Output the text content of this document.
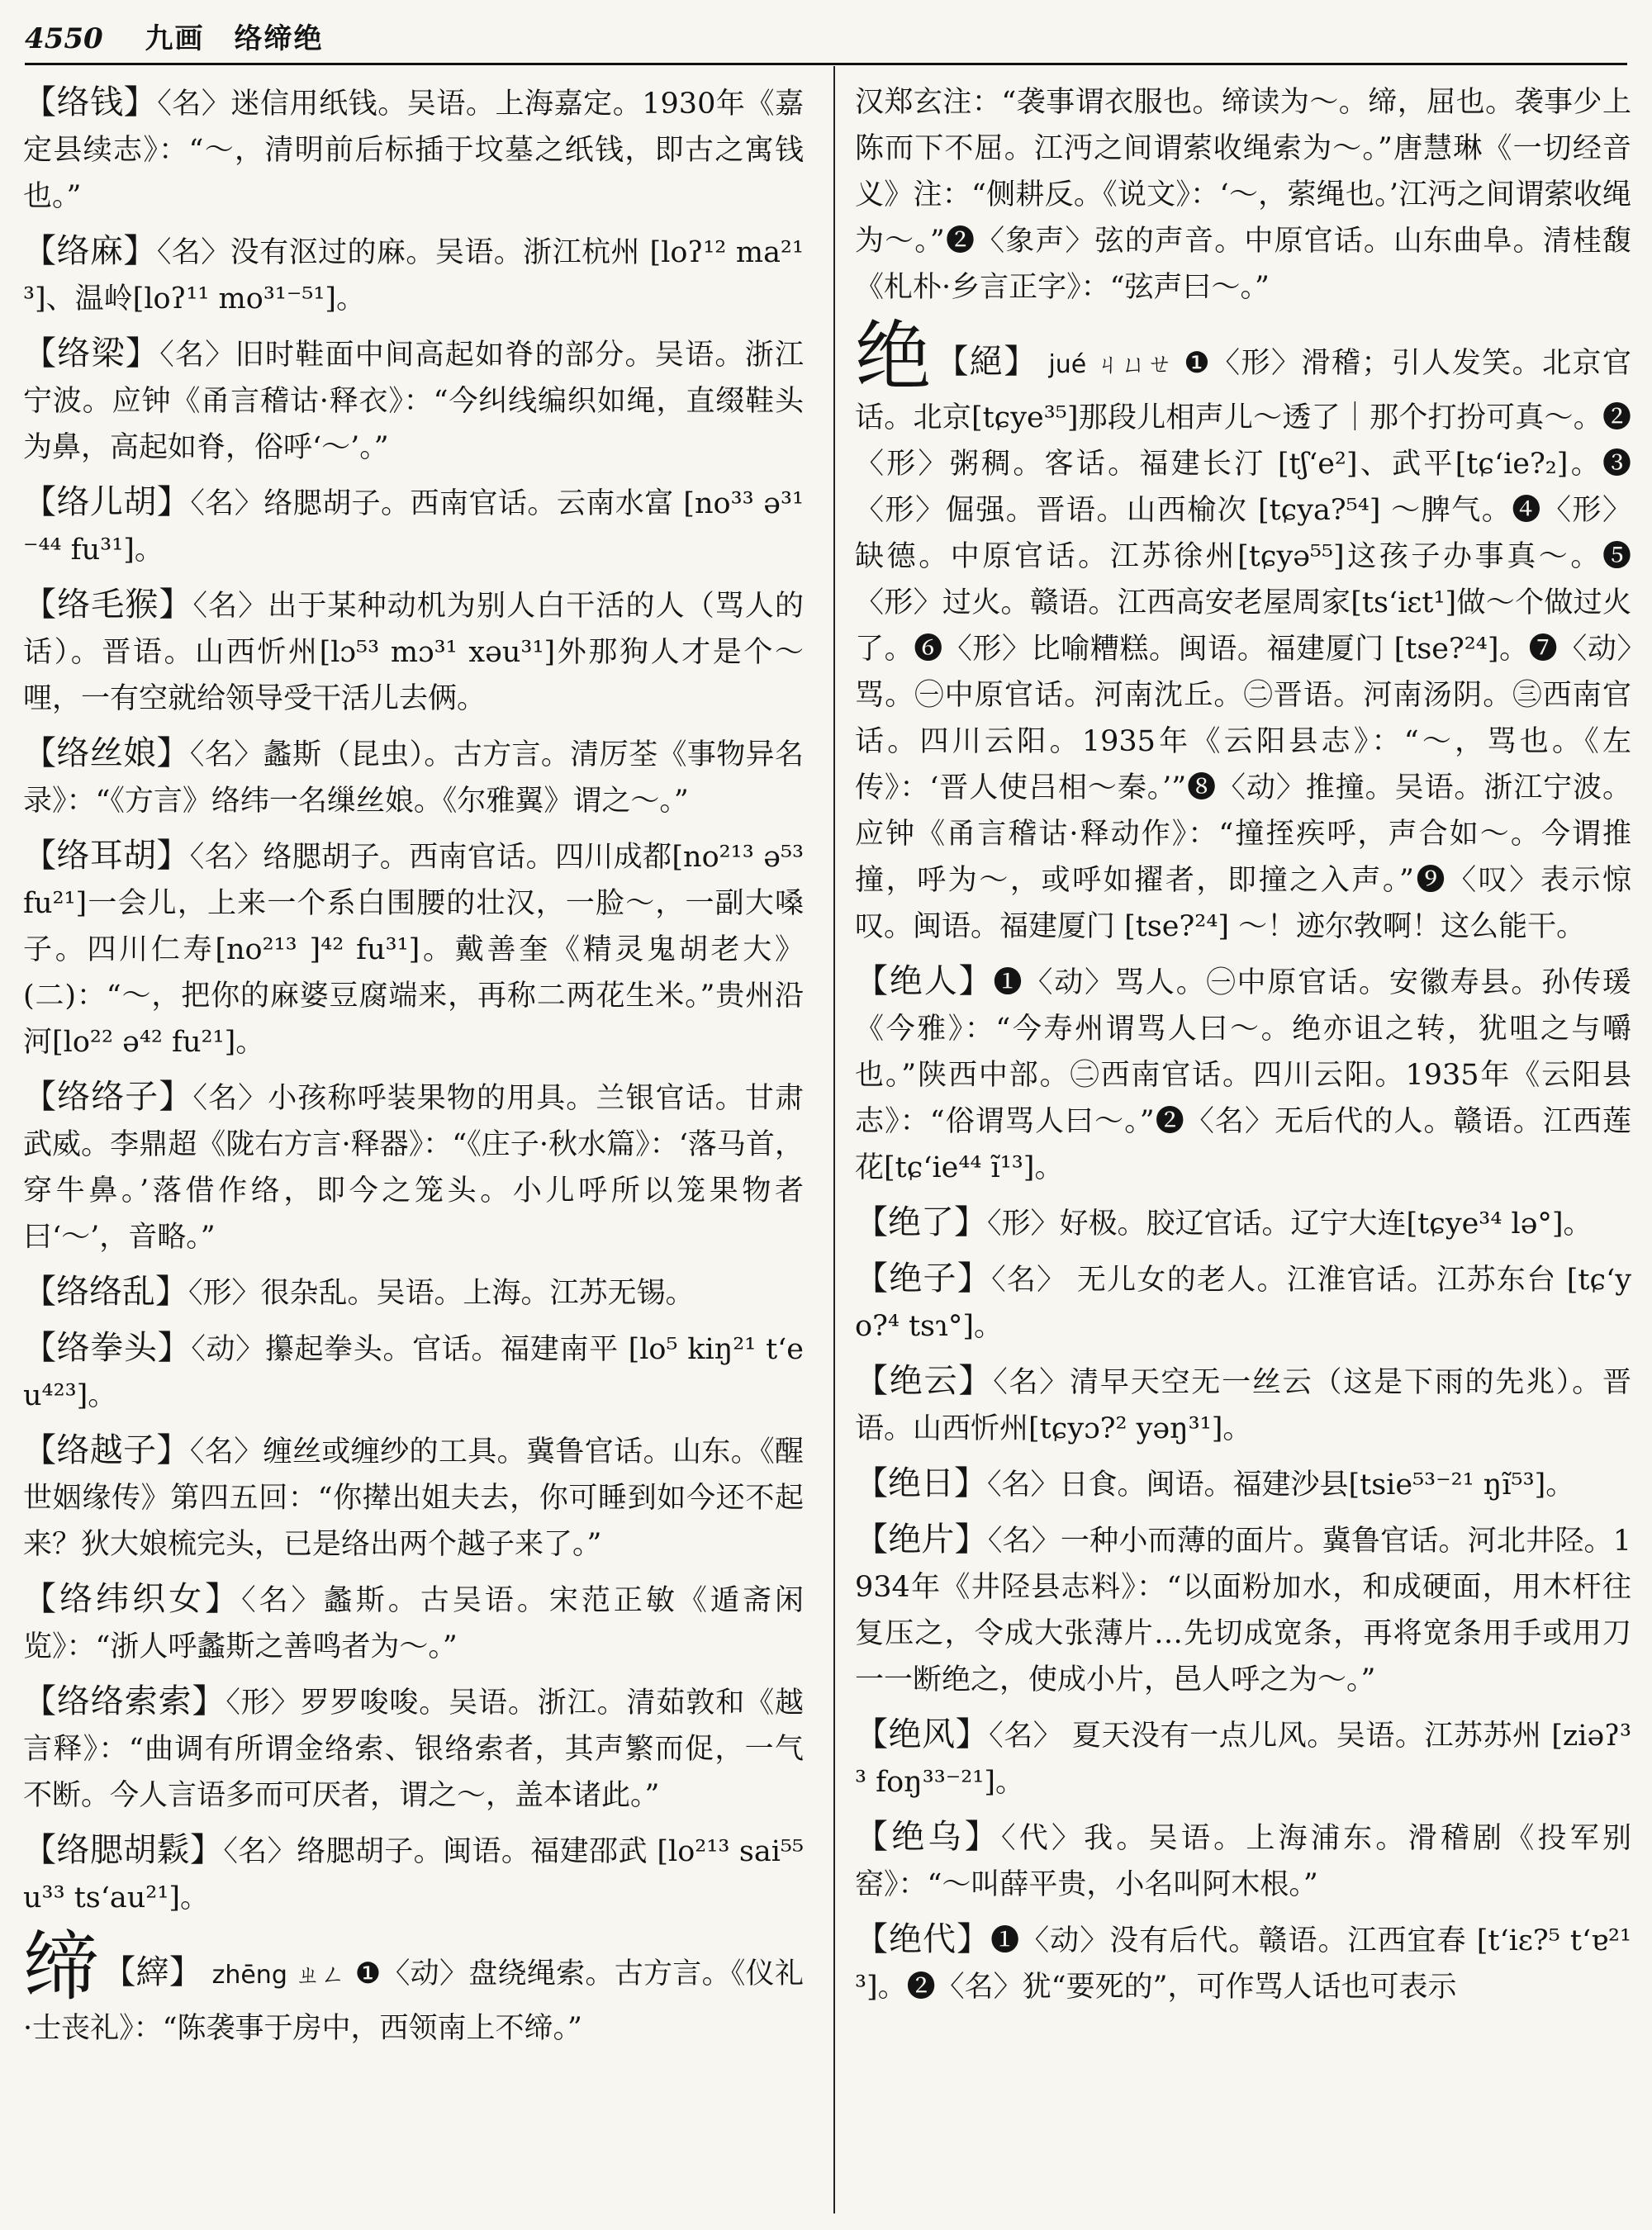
4550 九画　络缔绝
【络钱】〈名〉迷信用纸钱。吴语。上海嘉定。1930年《嘉定县续志》：“～，清明前后标插于坟墓之纸钱，即古之寓钱也。”
【络麻】〈名〉没有沤过的麻。吴语。浙江杭州 [loʔ¹² ma²¹³]、温岭[loʔ¹¹ mo³¹⁻⁵¹]。
【络梁】〈名〉旧时鞋面中间高起如脊的部分。吴语。浙江宁波。应钟《甬言稽诂·释衣》：“今纠线编织如绳，直缀鞋头为鼻，高起如脊，俗呼‘～’。”
【络儿胡】〈名〉络腮胡子。西南官话。云南水富 [no³³ ə³¹⁻⁴⁴ fu³¹]。
【络毛猴】〈名〉出于某种动机为别人白干活的人（骂人的话）。晋语。山西忻州[lɔ⁵³ mɔ³¹ xəu³¹]外那狗人才是个～哩，一有空就给领导受干活儿去俩。
【络丝娘】〈名〉蠡斯（昆虫）。古方言。清厉荃《事物异名录》：“《方言》络纬一名缫丝娘。《尔雅翼》谓之～。”
【络耳胡】〈名〉络腮胡子。西南官话。四川成都[no²¹³ ə⁵³ fu²¹]一会儿，上来一个系白围腰的壮汉，一脸～，一副大嗓子。四川仁寿[no²¹³ ]⁴² fu³¹]。戴善奎《精灵鬼胡老大》(二)：“～，把你的麻婆豆腐端来，再称二两花生米。”贵州沿河[lo²² ə⁴² fu²¹]。
【络络子】〈名〉小孩称呼装果物的用具。兰银官话。甘肃武威。李鼎超《陇右方言·释器》：“《庄子·秋水篇》：‘落马首，穿牛鼻。’落借作络，即今之笼头。小儿呼所以笼果物者曰‘～’，音略。”
【络络乱】〈形〉很杂乱。吴语。上海。江苏无锡。
【络拳头】〈动〉攥起拳头。官话。福建南平 [lo⁵ kiŋ²¹ t‘eu⁴²³]。
【络越子】〈名〉缠丝或缠纱的工具。冀鲁官话。山东。《醒世姻缘传》第四五回：“你撵出姐夫去，你可睡到如今还不起来？狄大娘梳完头，已是络出两个越子来了。”
【络纬织女】〈名〉蠡斯。古吴语。宋范正敏《遁斋闲览》：“浙人呼蠡斯之善鸣者为～。”
【络络索索】〈形〉罗罗唆唆。吴语。浙江。清茹敦和《越言释》：“曲调有所谓金络索、银络索者，其声繁而促，一气不断。今人言语多而可厌者，谓之～，盖本诸此。”
【络腮胡鬏】〈名〉络腮胡子。闽语。福建邵武 [lo²¹³ sai⁵⁵ u³³ ts‘au²¹]。
缔 【縡】 zhēng ㄓㄥ ❶〈动〉盘绕绳索。古方言。《仪礼·士丧礼》：“陈袭事于房中，西领南上不缔。”
汉郑玄注：“袭事谓衣服也。缔读为～。缔，屈也。袭事少上陈而下不屈。江沔之间谓萦收绳索为～。”唐慧琳《一切经音义》注：“侧耕反。《说文》：‘～，萦绳也。’江沔之间谓萦收绳为～。”❷〈象声〉弦的声音。中原官话。山东曲阜。清桂馥《札朴·乡言正字》：“弦声曰～。”
绝 【絕】 jué ㄐㄩㄝ ❶〈形〉滑稽；引人发笑。北京官话。北京[tɕye³⁵]那段儿相声儿～透了｜那个打扮可真～。❷〈形〉粥稠。客话。福建长汀 [tʃ‘e²]、武平[tɕ‘ie?₂]。❸〈形〉倔强。晋语。山西榆次 [tɕya?⁵⁴] ～脾气。❹〈形〉缺德。中原官话。江苏徐州[tɕyə⁵⁵]这孩子办事真～。❺〈形〉过火。赣语。江西高安老屋周家[ts‘iɛt¹]做～个做过火了。❻〈形〉比喻糟糕。闽语。福建厦门 [tse?²⁴]。❼〈动〉骂。㊀中原官话。河南沈丘。㊁晋语。河南汤阴。㊂西南官话。四川云阳。1935年《云阳县志》：“～，骂也。《左传》：‘晋人使吕相～秦。’”❽〈动〉推撞。吴语。浙江宁波。应钟《甬言稽诂·释动作》：“撞挃疾呼，声合如～。今谓推撞，呼为～，或呼如擢者，即撞之入声。”❾〈叹〉表示惊叹。闽语。福建厦门 [tse?²⁴] ～！迹尔㪍啊！这么能干。
【绝人】❶〈动〉骂人。㊀中原官话。安徽寿县。孙传瑗《今雅》：“今寿州谓骂人曰～。绝亦诅之转，犹咀之与嚼也。”陕西中部。㊁西南官话。四川云阳。1935年《云阳县志》：“俗谓骂人曰～。”❷〈名〉无后代的人。赣语。江西莲花[tɕ‘ie⁴⁴ ĩ¹³]。
【绝了】〈形〉好极。胶辽官话。辽宁大连[tɕye³⁴ lə°]。
【绝子】〈名〉 无儿女的老人。江淮官话。江苏东台 [tɕ‘yo?⁴ tsɿ°]。
【绝云】〈名〉清早天空无一丝云（这是下雨的先兆）。晋语。山西忻州[tɕyɔ?² yəŋ³¹]。
【绝日】〈名〉日食。闽语。福建沙县[tsie⁵³⁻²¹ ŋĩ⁵³]。
【绝片】〈名〉一种小而薄的面片。冀鲁官话。河北井陉。1934年《井陉县志料》：“以面粉加水，和成硬面，用木杆往复压之，令成大张薄片…先切成宽条，再将宽条用手或用刀一一断绝之，使成小片，邑人呼之为～。”
【绝风】〈名〉 夏天没有一点儿风。吴语。江苏苏州 [ziəʔ³³ foŋ³³⁻²¹]。
【绝乌】〈代〉我。吴语。上海浦东。滑稽剧《投军别窑》：“～叫薛平贵，小名叫阿木根。”
【绝代】❶〈动〉没有后代。赣语。江西宜春 [t‘iɛ?⁵ t‘ɐ²¹³]。❷〈名〉犹“要死的”，可作骂人话也可表示
